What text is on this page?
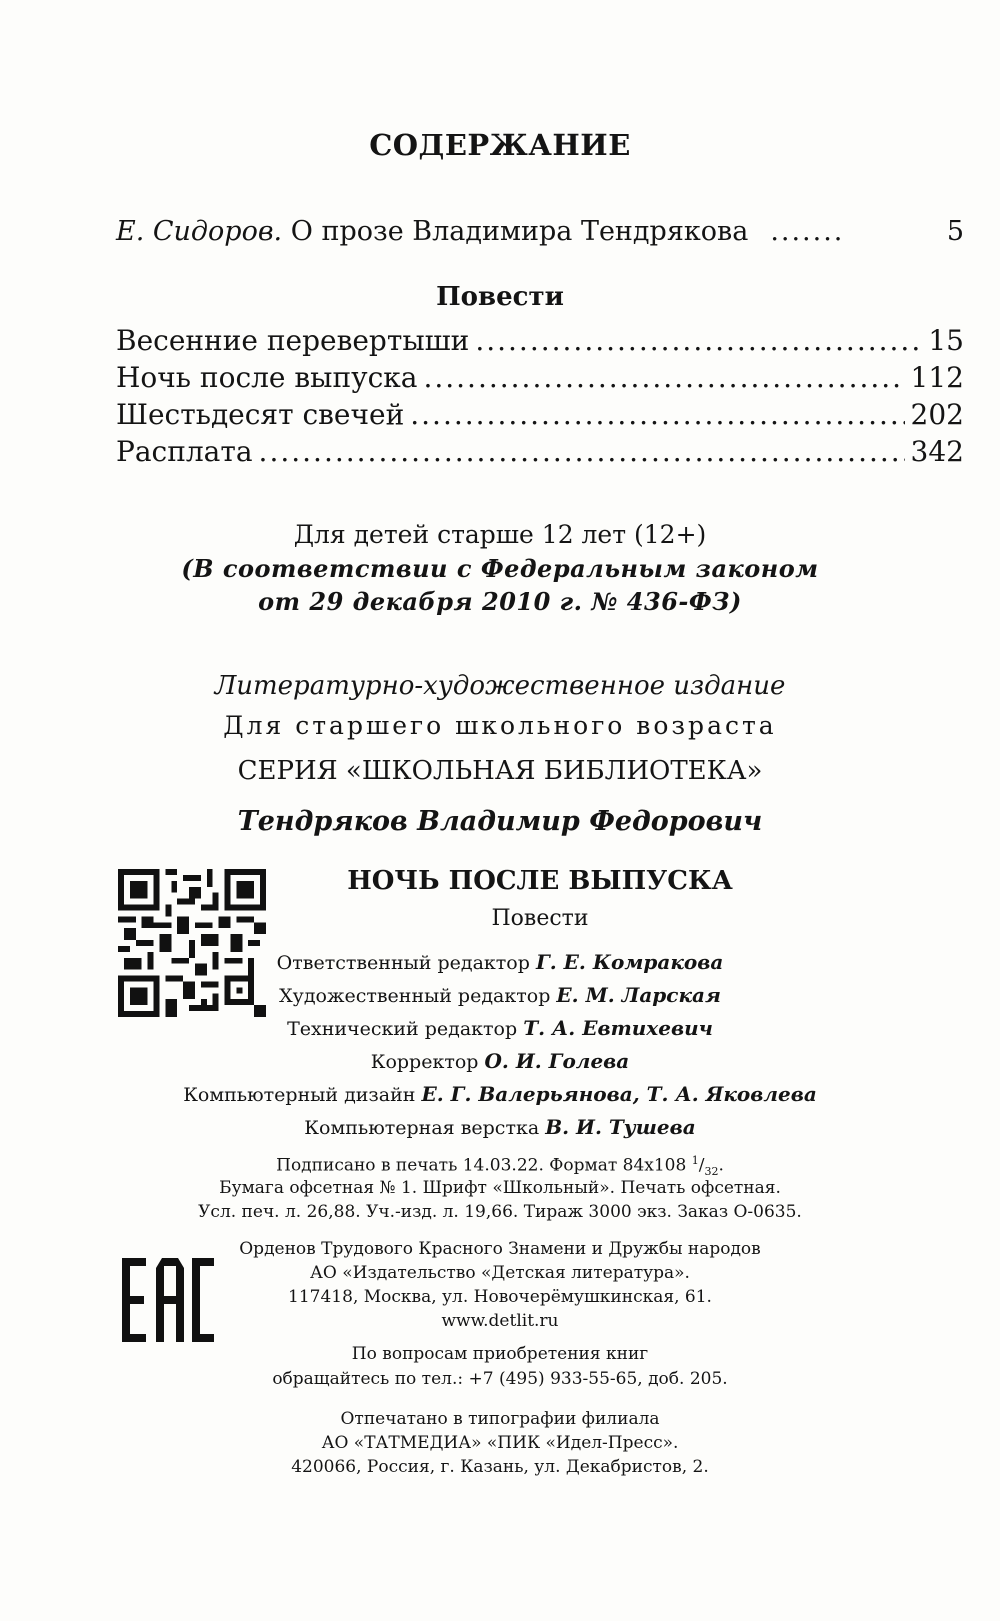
СОДЕРЖАНИЕ
Е. Сидоров. О прозе Владимира Тендрякова .....	5
Повести
Весенние перевертыши .....	15
Ночь после выпуска .....	112
Шестьдесят свечей .....	202
Расплата .....	342
Для детей старше 12 лет (12+)
(В соответствии с Федеральным законом
от 29 декабря 2010 г. № 436-ФЗ)
Литературно-художественное издание
Для старшего школьного возраста
СЕРИЯ «ШКОЛЬНАЯ БИБЛИОТЕКА»
Тендряков Владимир Федорович
НОЧЬ ПОСЛЕ ВЫПУСКА
Повести
Ответственный редактор Г. Е. Комракова
Художественный редактор Е. М. Ларская
Технический редактор Т. А. Евтихевич
Корректор О. И. Голева
Компьютерный дизайн Е. Г. Валерьянова, Т. А. Яковлева
Компьютерная верстка В. И. Тушева
Подписано в печать 14.03.22. Формат 84x108 $^1/_{32}$.
Бумага офсетная № 1. Шрифт «Школьный». Печать офсетная.
Усл. печ. л. 26,88. Уч.-изд. л. 19,66. Тираж 3000 экз. Заказ О-0635.
Орденов Трудового Красного Знамени и Дружбы народов
АО «Издательство «Детская литература».
117418, Москва, ул. Новочерёмушкинская, 61.
www.detlit.ru
По вопросам приобретения книг
обращайтесь по тел.: +7 (495) 933-55-65, доб. 205.
Отпечатано в типографии филиала
АО «ТАТМЕДИА» «ПИК «Идел-Пресс».
420066, Россия, г. Казань, ул. Декабристов, 2.
